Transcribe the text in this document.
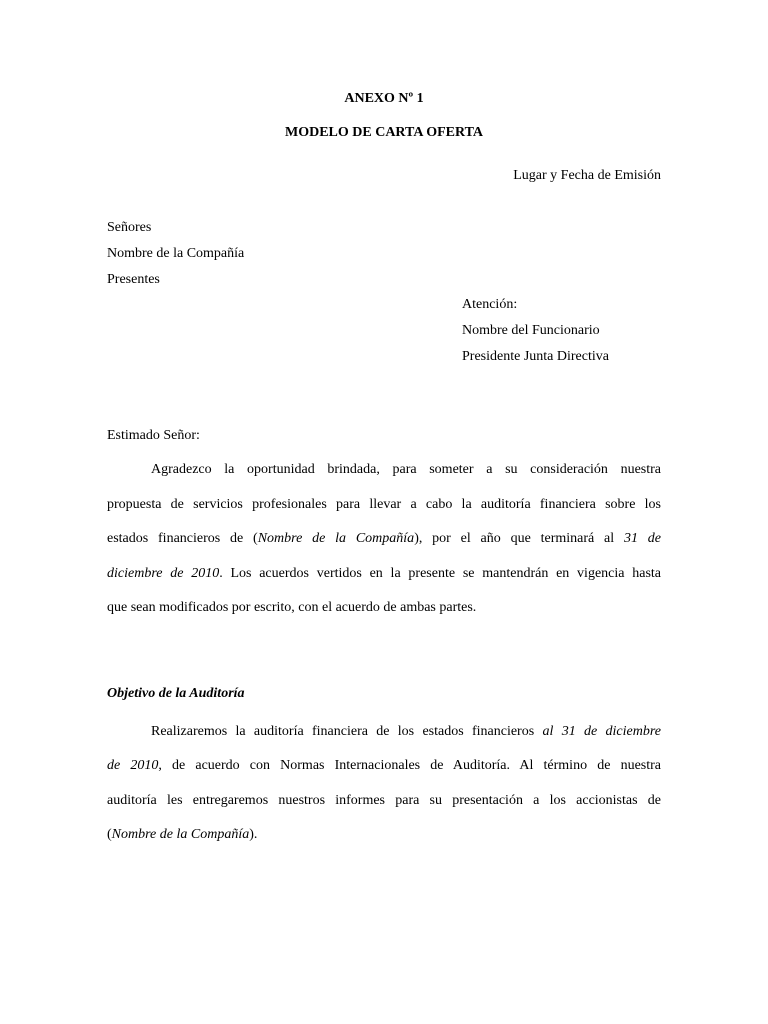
ANEXO Nº 1
MODELO DE CARTA OFERTA
Lugar y Fecha de Emisión
Señores
Nombre de la Compañía
Presentes
Atención:
Nombre del Funcionario
Presidente Junta Directiva
Estimado Señor:
Agradezco la oportunidad brindada, para someter a su consideración nuestra
propuesta de servicios profesionales para llevar a cabo la auditoría financiera sobre los
estados financieros de (Nombre de la Compañía), por el año que terminará al 31 de
diciembre de 2010. Los acuerdos vertidos en la presente se mantendrán en vigencia hasta
que sean modificados por escrito, con el acuerdo de ambas partes.
Objetivo de la Auditoría
Realizaremos la auditoría financiera de los estados financieros al 31 de diciembre
de 2010, de acuerdo con Normas Internacionales de Auditoría. Al término de nuestra
auditoría les entregaremos nuestros informes para su presentación a los accionistas de
(Nombre de la Compañía).
